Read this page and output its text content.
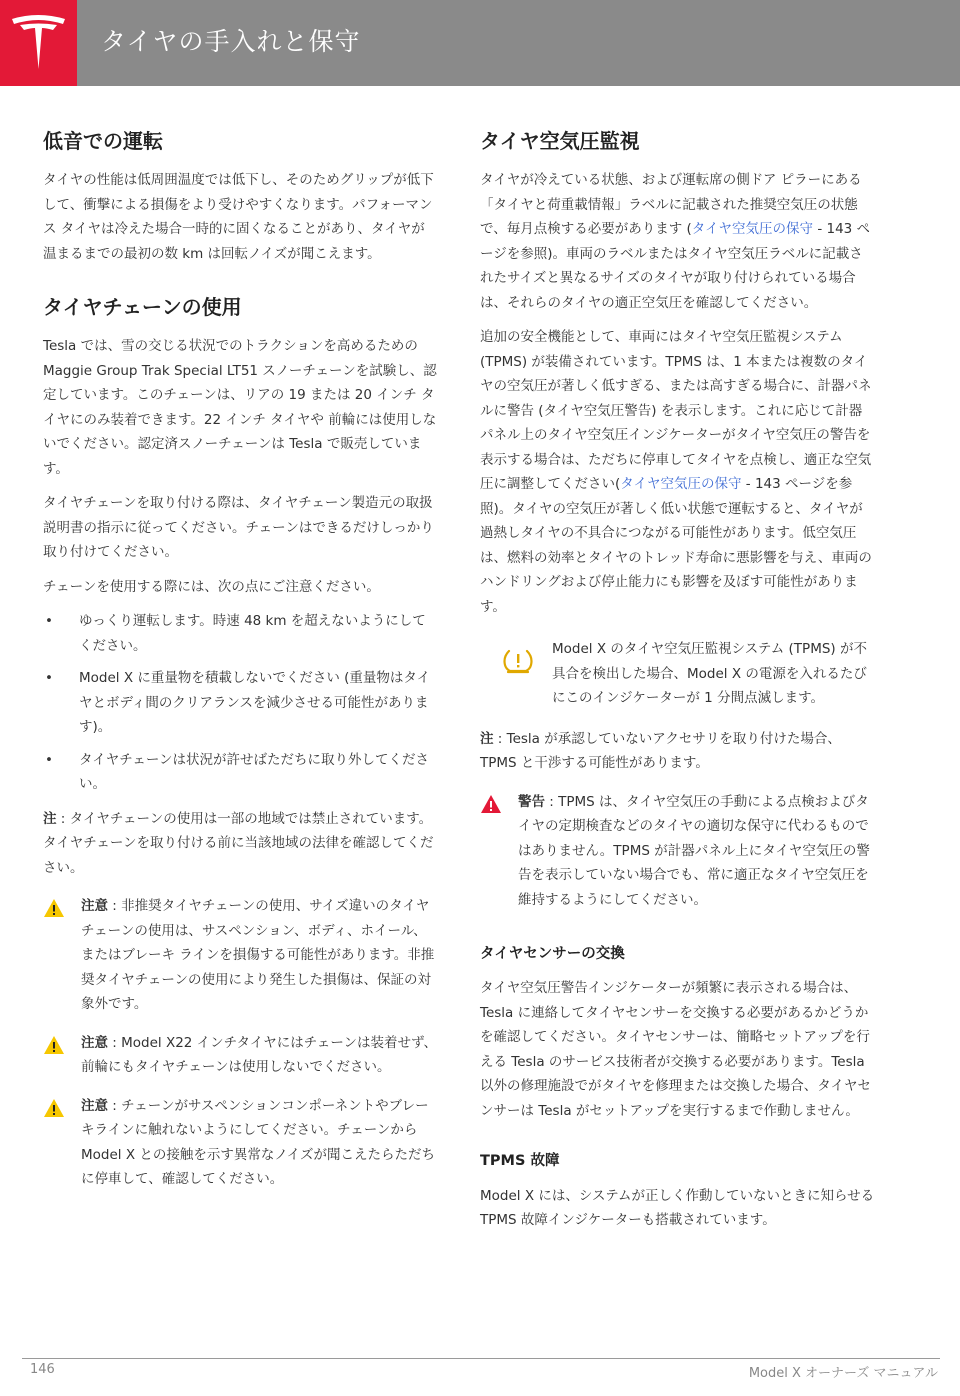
タイヤの手入れと保守
低音での運転

タイヤの性能は低周囲温度では低下し、そのためグリップが低下して、衝撃による損傷をより受けやすくなります。パフォーマンス タイヤは冷えた場合一時的に固くなることがあり、タイヤが温まるまでの最初の数 km は回転ノイズが聞こえます。

タイヤチェーンの使用

Tesla では、雪の交じる状況でのトラクションを高めるための Maggie Group Trak Special LT51 スノーチェーンを試験し、認定しています。このチェーンは、リアの 19 または 20 インチ タイヤにのみ装着できます。22 インチ タイヤや 前輪には使用しないでください。認定済スノーチェーンは Tesla で販売しています。

タイヤチェーンを取り付ける際は、タイヤチェーン製造元の取扱説明書の指示に従ってください。チェーンはできるだけしっかり取り付けてください。

チェーンを使用する際には、次の点にご注意ください。

• ゆっくり運転します。時速 48 km を超えないようにしてください。
• Model X に重量物を積載しないでください (重量物はタイヤとボディ間のクリアランスを減少させる可能性があります)。
• タイヤチェーンは状況が許せばただちに取り外してください。

注 : タイヤチェーンの使用は一部の地域では禁止されています。タイヤチェーンを取り付ける前に当該地域の法律を確認してください。

注意 : 非推奨タイヤチェーンの使用、サイズ違いのタイヤチェーンの使用は、サスペンション、ボディ、ホイール、またはブレーキ ラインを損傷する可能性があります。非推奨タイヤチェーンの使用により発生した損傷は、保証の対象外です。

注意 : Model X22 インチタイヤにはチェーンは装着せず、前輪にもタイヤチェーンは使用しないでください。

注意 : チェーンがサスペンションコンポーネントやブレーキラインに触れないようにしてください。チェーンから Model X との接触を示す異常なノイズが聞こえたらただちに停車して、確認してください。

タイヤ空気圧監視

タイヤが冷えている状態、および運転席の側ドア ピラーにある「タイヤと荷重載情報」ラベルに記載された推奨空気圧の状態で、毎月点検する必要があります (タイヤ空気圧の保守 - 143 ページを参照)。車両のラベルまたはタイヤ空気圧ラベルに記載されたサイズと異なるサイズのタイヤが取り付けられている場合は、それらのタイヤの適正空気圧を確認してください。

追加の安全機能として、車両にはタイヤ空気圧監視システム (TPMS) が装備されています。TPMS は、1 本または複数のタイヤの空気圧が著しく低すぎる、または高すぎる場合に、計器パネルに警告 (タイヤ空気圧警告) を表示します。これに応じて計器パネル上のタイヤ空気圧インジケーターがタイヤ空気圧の警告を表示する場合は、ただちに停車してタイヤを点検し、適正な空気圧に調整してください(タイヤ空気圧の保守 - 143 ページを参照)。タイヤの空気圧が著しく低い状態で運転すると、タイヤが過熱しタイヤの不具合につながる可能性があります。低空気圧は、燃料の効率とタイヤのトレッド寿命に悪影響を与え、車両のハンドリングおよび停止能力にも影響を及ぼす可能性があります。

Model X のタイヤ空気圧監視システム (TPMS) が不具合を検出した場合、Model X の電源を入れるたびにこのインジケーターが 1 分間点滅します。

注 : Tesla が承認していないアクセサリを取り付けた場合、 TPMS と干渉する可能性があります。

警告 : TPMS は、タイヤ空気圧の手動による点検およびタイヤの定期検査などのタイヤの適切な保守に代わるものではありません。TPMS が計器パネル上にタイヤ空気圧の警告を表示していない場合でも、常に適正なタイヤ空気圧を維持するようにしてください。

タイヤセンサーの交換

タイヤ空気圧警告インジケーターが頻繁に表示される場合は、Tesla に連絡してタイヤセンサーを交換する必要があるかどうかを確認してください。タイヤセンサーは、簡略セットアップを行える Tesla のサービス技術者が交換する必要があります。Tesla 以外の修理施設でがタイヤを修理または交換した場合、タイヤセンサーは Tesla がセットアップを実行するまで作動しません。

TPMS 故障

Model X には、システムが正しく作動していないときに知らせる TPMS 故障インジケーターも搭載されています。

146	Model X オーナーズ マニュアル
